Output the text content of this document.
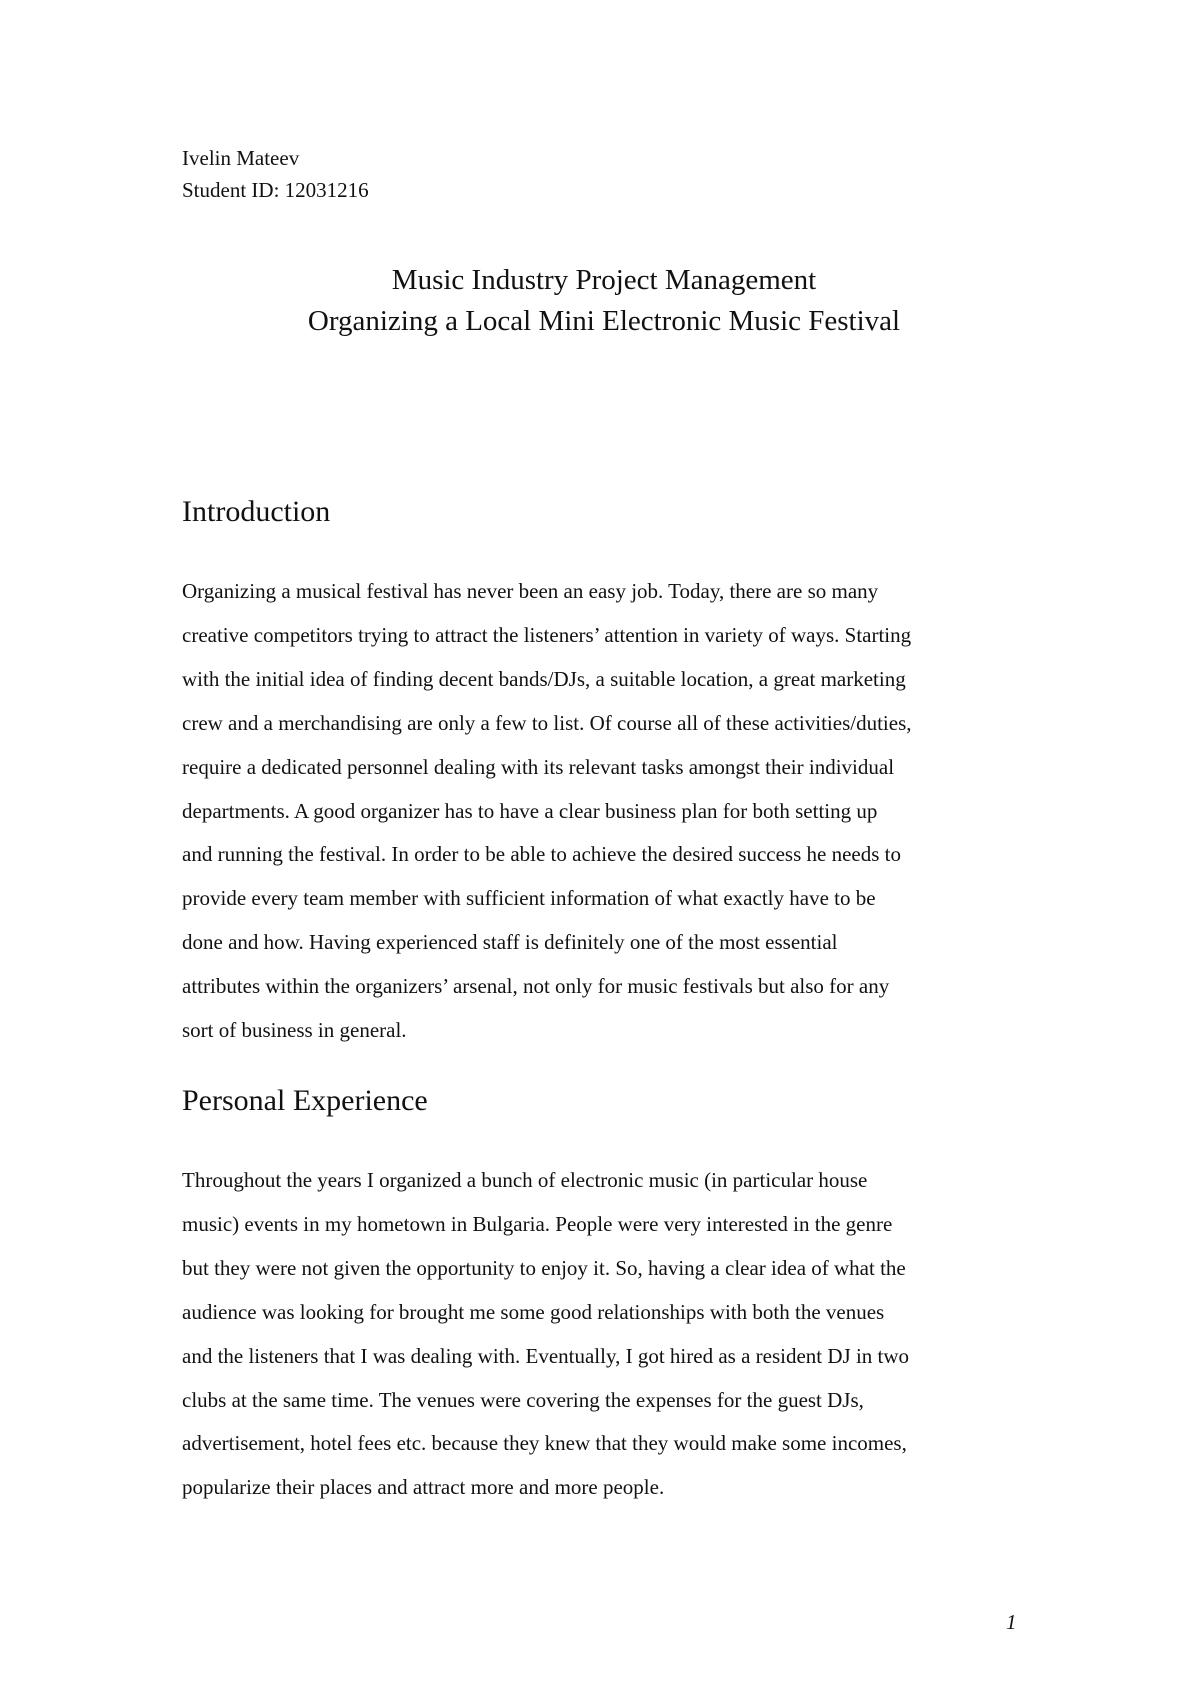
Ivelin Mateev
Student ID: 12031216
Music Industry Project Management
Organizing a Local Mini Electronic Music Festival
Introduction

Organizing a musical festival has never been an easy job. Today, there are so many
creative competitors trying to attract the listeners’ attention in variety of ways. Starting
with the initial idea of finding decent bands/DJs, a suitable location, a great marketing
crew and a merchandising are only a few to list. Of course all of these activities/duties,
require a dedicated personnel dealing with its relevant tasks amongst their individual
departments. A good organizer has to have a clear business plan for both setting up
and running the festival. In order to be able to achieve the desired success he needs to
provide every team member with sufficient information of what exactly have to be
done and how. Having experienced staff is definitely one of the most essential
attributes within the organizers’ arsenal, not only for music festivals but also for any
sort of business in general.

Personal Experience

Throughout the years I organized a bunch of electronic music (in particular house
music) events in my hometown in Bulgaria. People were very interested in the genre
but they were not given the opportunity to enjoy it. So, having a clear idea of what the
audience was looking for brought me some good relationships with both the venues
and the listeners that I was dealing with. Eventually, I got hired as a resident DJ in two
clubs at the same time. The venues were covering the expenses for the guest DJs,
advertisement, hotel fees etc. because they knew that they would make some incomes,
popularize their places and attract more and more people.

1
